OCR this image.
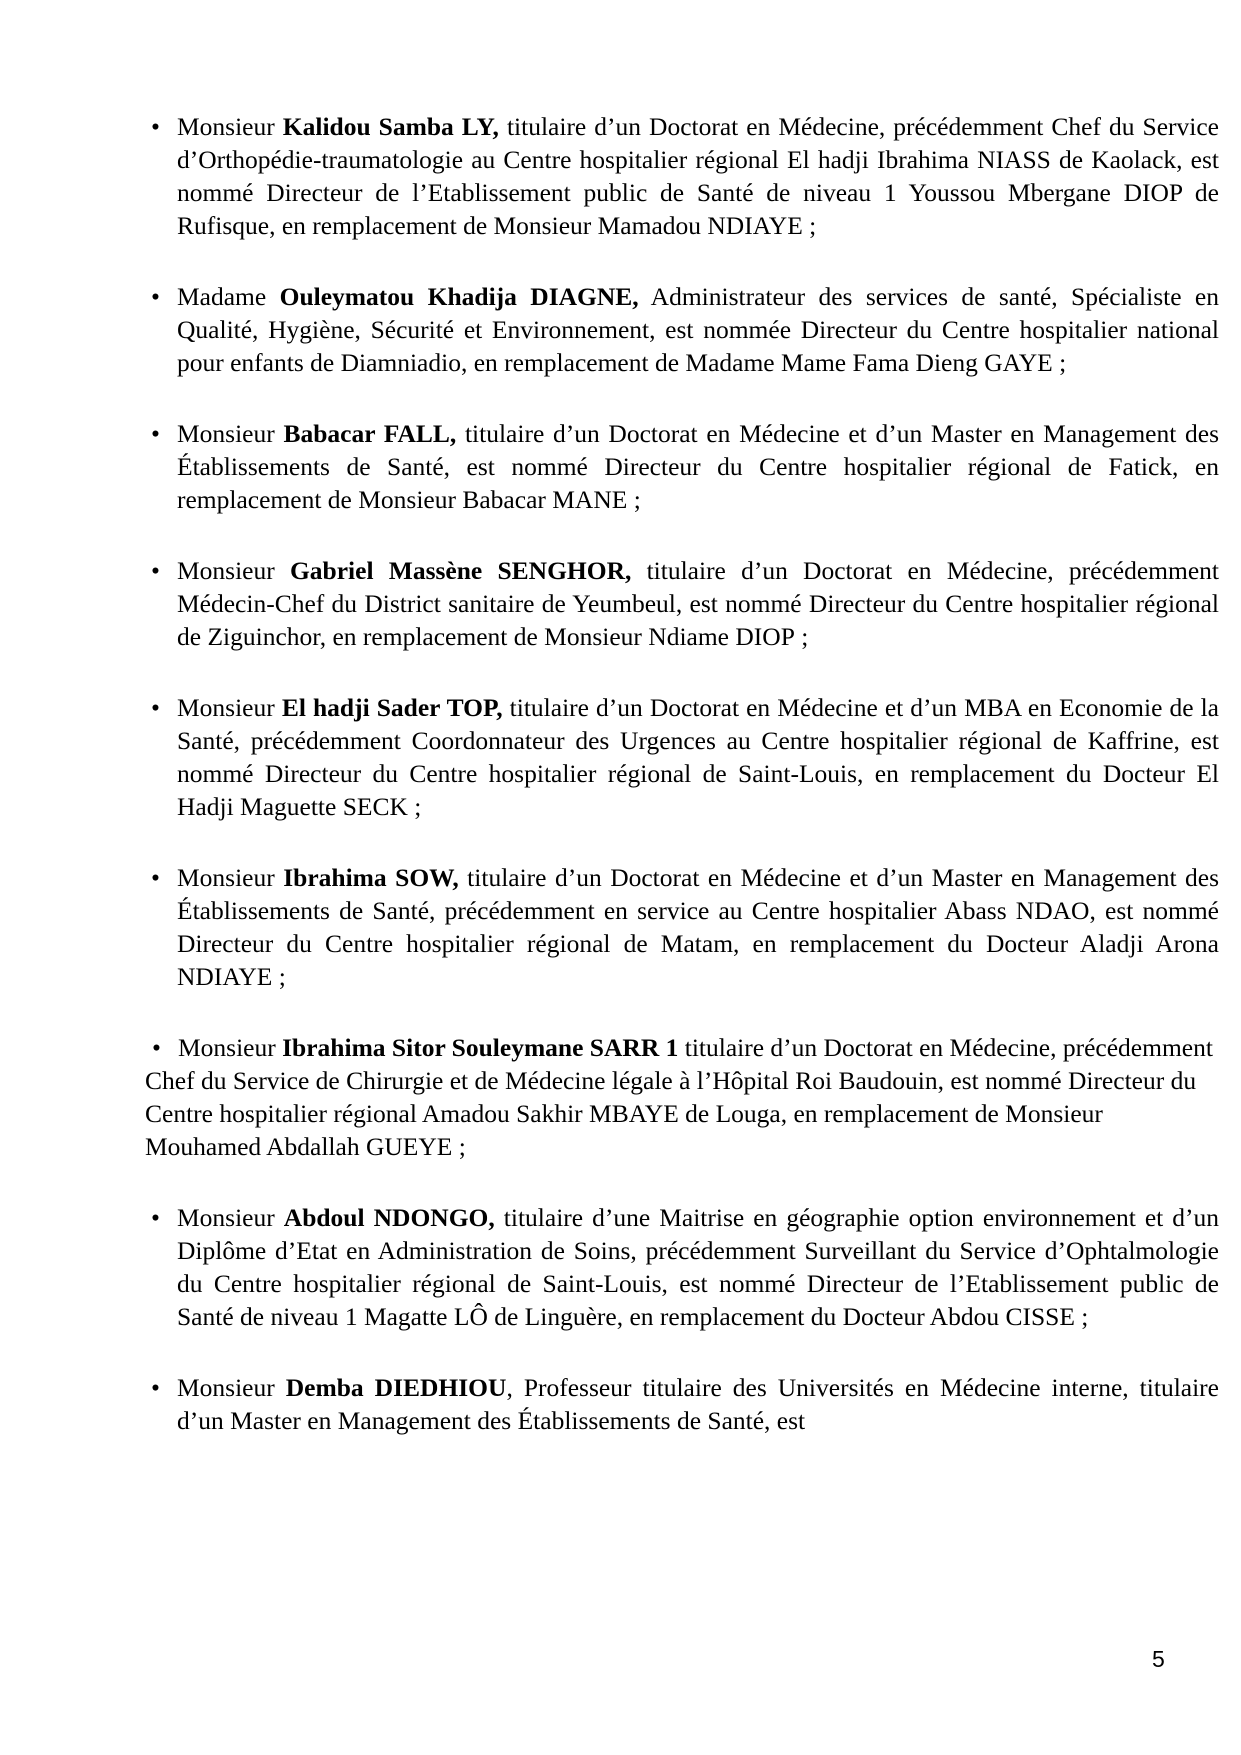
• Monsieur Kalidou Samba LY, titulaire d’un Doctorat en Médecine, précédemment Chef du Service d’Orthopédie-traumatologie au Centre hospitalier régional El hadji Ibrahima NIASS de Kaolack, est nommé Directeur de l’Etablissement public de Santé de niveau 1 Youssou Mbergane DIOP de Rufisque, en remplacement de Monsieur Mamadou NDIAYE ;
• Madame Ouleymatou Khadija DIAGNE, Administrateur des services de santé, Spécialiste en Qualité, Hygiène, Sécurité et Environnement, est nommée Directeur du Centre hospitalier national pour enfants de Diamniadio, en remplacement de Madame Mame Fama Dieng GAYE ;
• Monsieur Babacar FALL, titulaire d’un Doctorat en Médecine et d’un Master en Management des Établissements de Santé, est nommé Directeur du Centre hospitalier régional de Fatick, en remplacement de Monsieur Babacar MANE ;
• Monsieur Gabriel Massène SENGHOR, titulaire d’un Doctorat en Médecine, précédemment Médecin-Chef du District sanitaire de Yeumbeul, est nommé Directeur du Centre hospitalier régional de Ziguinchor, en remplacement de Monsieur Ndiame DIOP ;
• Monsieur El hadji Sader TOP, titulaire d’un Doctorat en Médecine et d’un MBA en Economie de la Santé, précédemment Coordonnateur des Urgences au Centre hospitalier régional de Kaffrine, est nommé Directeur du Centre hospitalier régional de Saint-Louis, en remplacement du Docteur El Hadji Maguette SECK ;
• Monsieur Ibrahima SOW, titulaire d’un Doctorat en Médecine et d’un Master en Management des Établissements de Santé, précédemment en service au Centre hospitalier Abass NDAO, est nommé Directeur du Centre hospitalier régional de Matam, en remplacement du Docteur Aladji Arona NDIAYE ;
• Monsieur Ibrahima Sitor Souleymane SARR 1 titulaire d’un Doctorat en Médecine, précédemment Chef du Service de Chirurgie et de Médecine légale à l’Hôpital Roi Baudouin, est nommé Directeur du Centre hospitalier régional Amadou Sakhir MBAYE de Louga, en remplacement de Monsieur Mouhamed Abdallah GUEYE ;
• Monsieur Abdoul NDONGO, titulaire d’une Maitrise en géographie option environnement et d’un Diplôme d’Etat en Administration de Soins, précédemment Surveillant du Service d’Ophtalmologie du Centre hospitalier régional de Saint-Louis, est nommé Directeur de l’Etablissement public de Santé de niveau 1 Magatte LÔ de Linguère, en remplacement du Docteur Abdou CISSE ;
• Monsieur Demba DIEDHIOU, Professeur titulaire des Universités en Médecine interne, titulaire d’un Master en Management des Établissements de Santé, est
5
